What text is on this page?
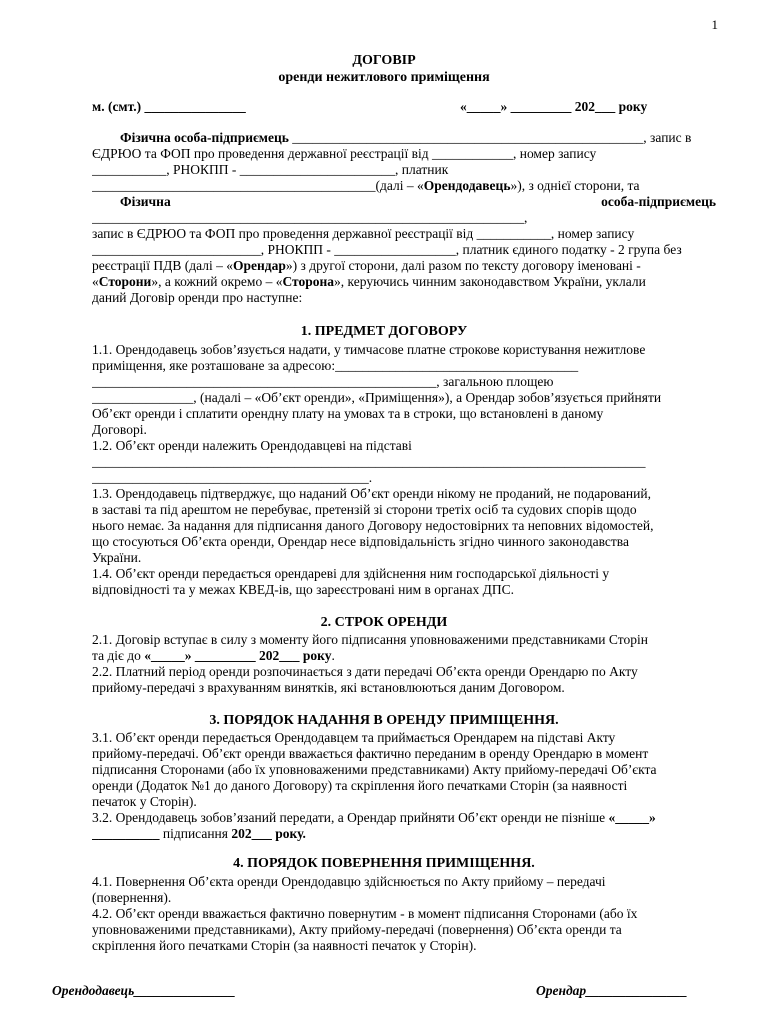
1
ДОГОВІР
оренди нежитлового приміщення
м. (смт.) _______________	«_____» _________ 202___ року
Фізична особа-підприємець ____________________________________________________, запис в
ЄДРЮО та ФОП про проведення державної реєстрації від ____________, номер запису
___________, РНОКПП - _______________________, платник
__________________________________________(далі – «Орендодавець»), з однієї сторони, та
Фізична	особа-підприємець
________________________________________________________________,
запис в ЄДРЮО та ФОП про проведення державної реєстрації від ___________, номер запису
_________________________, РНОКПП - __________________, платник єдиного податку - 2 група без
реєстрації ПДВ (далі – «Орендар») з другої сторони, далі разом по тексту договору іменовані -
«Сторони», а кожний окремо – «Сторона», керуючись чинним законодавством України, уклали
даний Договір оренди про наступне:
1. ПРЕДМЕТ ДОГОВОРУ
1.1. Орендодавець зобов’язується надати, у тимчасове платне строкове користування нежитлове
приміщення, яке розташоване за адресою:____________________________________
___________________________________________________, загальною площею
_______________, (надалі – «Об’єкт оренди», «Приміщення»), а Орендар зобов’язується прийняти
Об’єкт оренди і сплатити орендну плату на умовах та в строки, що встановлені в даному
Договорі.
1.2. Об’єкт оренди належить Орендодавцеві на підставі
__________________________________________________________________________________
_________________________________________.
1.3. Орендодавець підтверджує, що наданий Об’єкт оренди нікому не проданий, не подарований,
в заставі та під арештом не перебуває, претензій зі сторони третіх осіб та судових спорів щодо
нього немає. За надання для підписання даного Договору недостовірних та неповних відомостей,
що стосуються Об’єкта оренди, Орендар несе відповідальність згідно чинного законодавства
України.
1.4. Об’єкт оренди передається орендареві для здійснення ним господарської діяльності у
відповідності та у межах КВЕД-ів, що зареєстровані ним в органах ДПС.
2. СТРОК ОРЕНДИ
2.1. Договір вступає в силу з моменту його підписання уповноваженими представниками Сторін
та діє до «_____» _________ 202___ року.
2.2. Платний період оренди розпочинається з дати передачі Об’єкта оренди Орендарю по Акту
прийому-передачі з врахуванням виняткiв, якi встановлюються даним Договором.
3. ПОРЯДОК НАДАННЯ В ОРЕНДУ ПРИМІЩЕННЯ.
3.1. Об’єкт оренди передається Орендодавцем та приймається Орендарем на підставі Акту
прийому-передачі. Об’єкт оренди вважається фактично переданим в оренду Орендарю в момент
підписання Сторонами (або їх уповноваженими представниками) Акту прийому-передачі Об’єкта
оренди (Додаток №1 до даного Договору) та скріплення його печатками Сторін (за наявності
печаток у Сторін).
3.2. Орендодавець зобов’язаний передати, а Орендар прийняти Об’єкт оренди не пізніше «_____»
__________ підписання 202___ року.
4. ПОРЯДОК ПОВЕРНЕННЯ ПРИМІЩЕННЯ.
4.1. Повернення Об’єкта оренди Орендодавцю здійснюється по Акту прийому – передачі
(повернення).
4.2. Об’єкт оренди вважається фактично повернутим - в момент підписання Сторонами (або їх
уповноваженими представниками), Акту прийому-передачі (повернення) Об’єкта оренди та
скріплення його печатками Сторін (за наявності печаток у Сторін).
Орендодавець_______________	Орендар_______________
